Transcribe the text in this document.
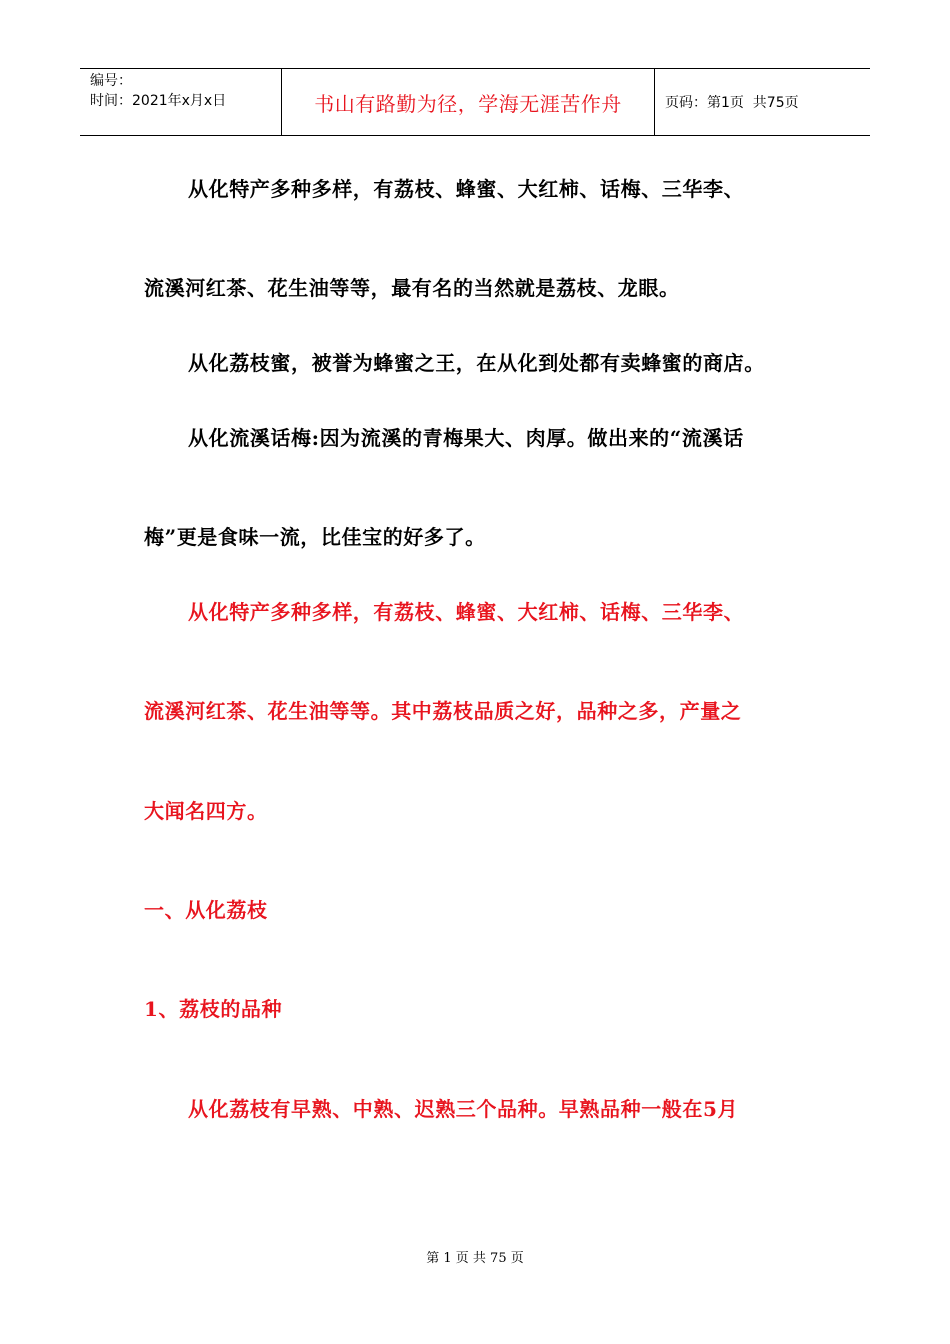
编号：
时间：2021年x月x日	书山有路勤为径，学海无涯苦作舟	页码：第1页  共75页
从化特产多种多样，有荔枝、蜂蜜、大红柿、话梅、三华李、
流溪河红茶、花生油等等，最有名的当然就是荔枝、龙眼。
从化荔枝蜜，被誉为蜂蜜之王，在从化到处都有卖蜂蜜的商店。
从化流溪话梅:因为流溪的青梅果大、肉厚。做出来的“流溪话
梅”更是食味一流，比佳宝的好多了。
从化特产多种多样，有荔枝、蜂蜜、大红柿、话梅、三华李、
流溪河红茶、花生油等等。其中荔枝品质之好，品种之多，产量之
大闻名四方。
一、从化荔枝
1、荔枝的品种
从化荔枝有早熟、中熟、迟熟三个品种。早熟品种一般在5月
第 1 页 共 75 页
